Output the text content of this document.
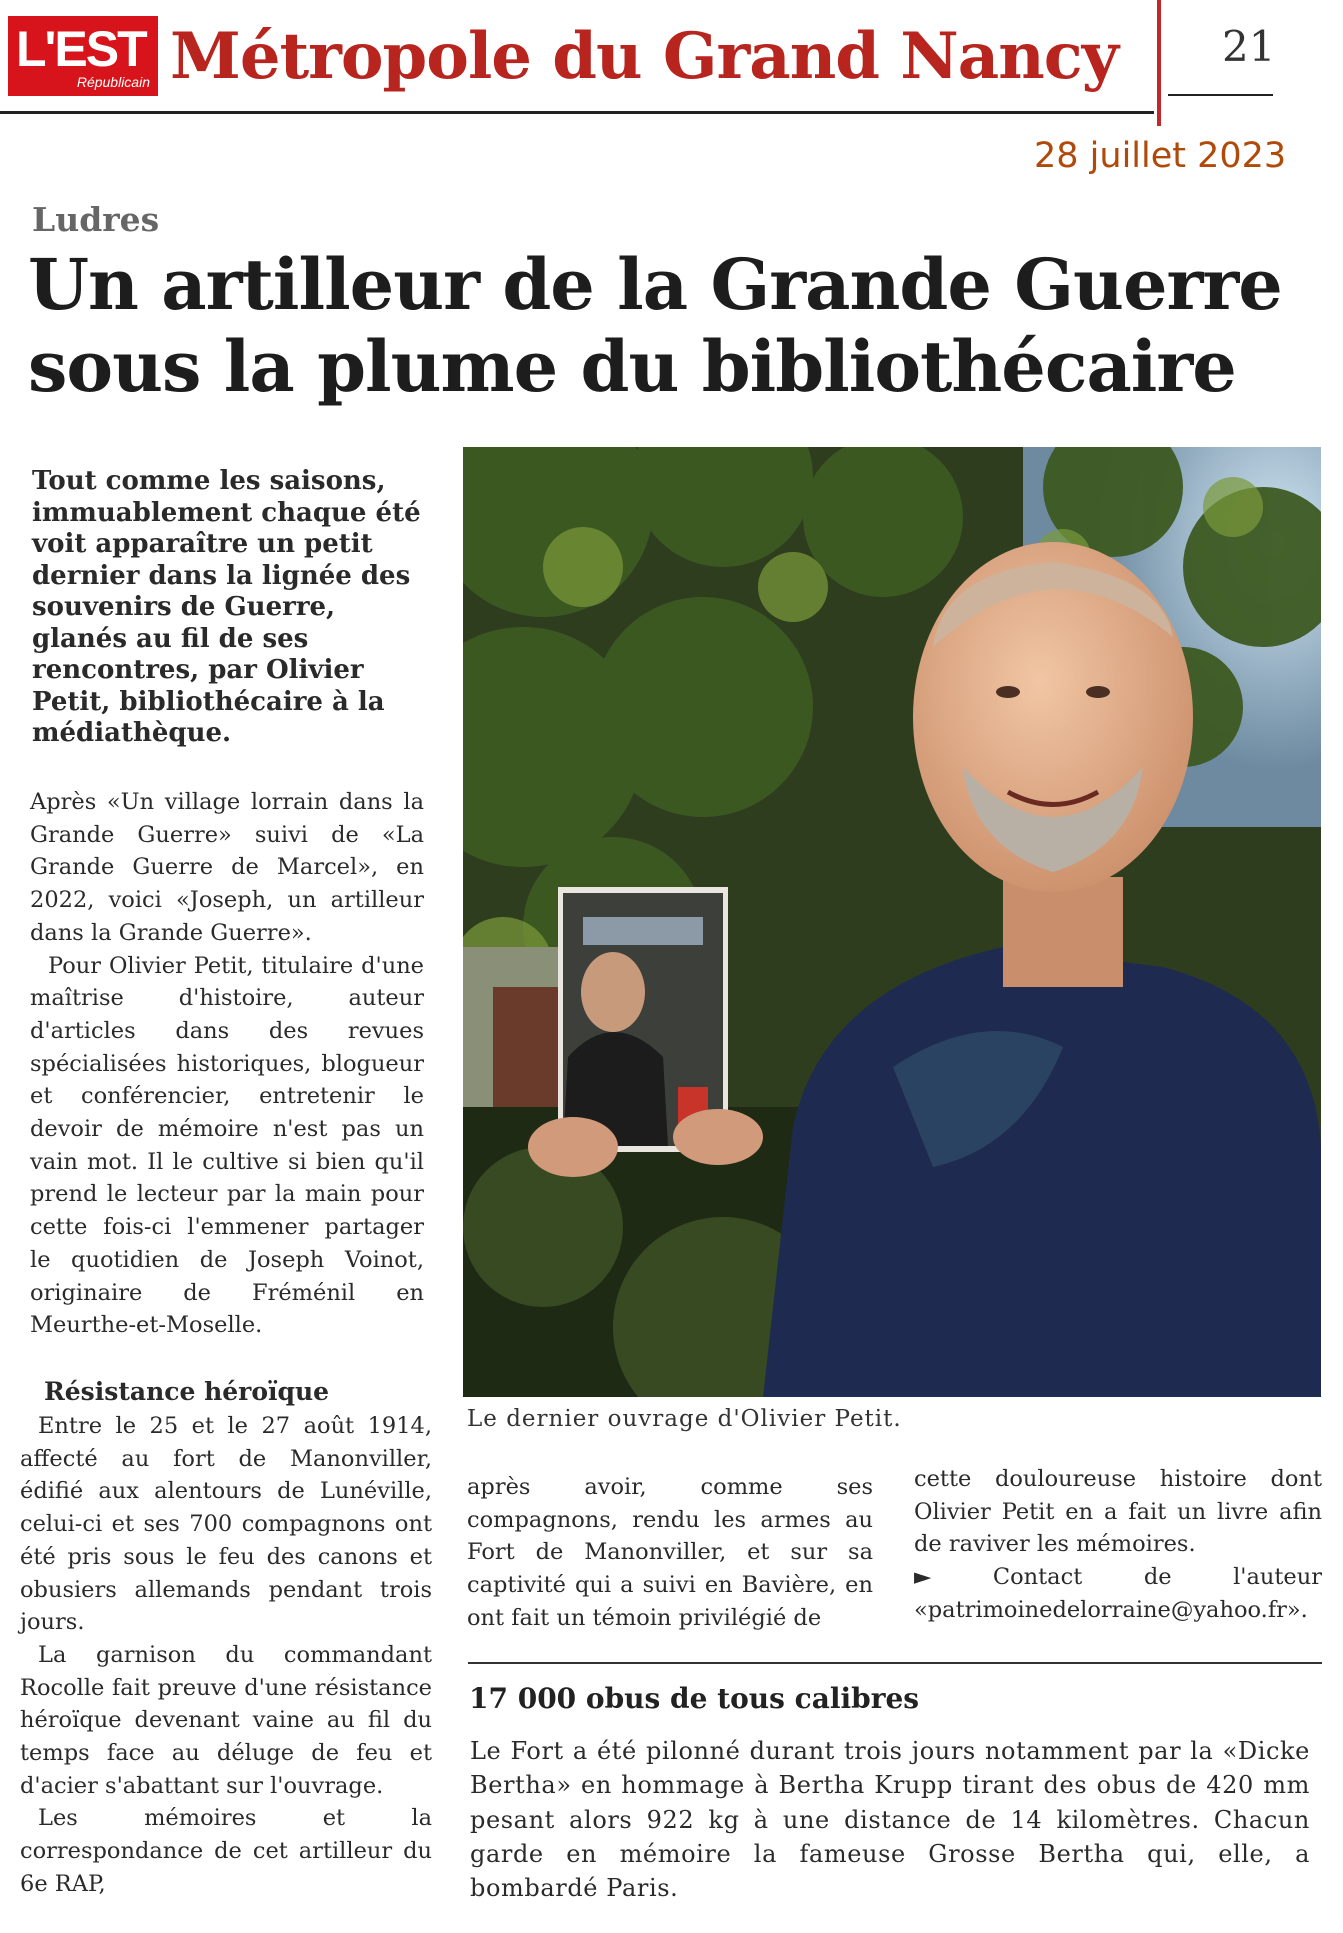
L'EST
Républicain Métropole du Grand Nancy 21
28 juillet 2023
Ludres
Un artilleur de la Grande Guerre
sous la plume du bibliothécaire
Tout comme les saisons, immuablement chaque été voit apparaître un petit dernier dans la lignée des souvenirs de Guerre, glanés au fil de ses rencontres, par Olivier Petit, bibliothécaire à la médiathèque.

Après «Un village lorrain dans la Grande Guerre» suivi de «La Grande Guerre de Marcel», en 2022, voici «Joseph, un artilleur dans la Grande Guerre».

Pour Olivier Petit, titulaire d'une maîtrise d'histoire, auteur d'articles dans des revues spécialisées historiques, blogueur et conférencier, entretenir le devoir de mémoire n'est pas un vain mot. Il le cultive si bien qu'il prend le lecteur par la main pour cette fois-ci l'emmener partager le quotidien de Joseph Voinot, originaire de Fréménil en Meurthe-et-Moselle.

Résistance héroïque

Entre le 25 et le 27 août 1914, affecté au fort de Manonviller, édifié aux alentours de Lunéville, celui-ci et ses 700 compagnons ont été pris sous le feu des canons et obusiers allemands pendant trois jours.

La garnison du commandant Rocolle fait preuve d'une résistance héroïque devenant vaine au fil du temps face au déluge de feu et d'acier s'abattant sur l'ouvrage.

Les mémoires et la correspondance de cet artilleur du 6e RAP,

Le dernier ouvrage d'Olivier Petit.

après avoir, comme ses compagnons, rendu les armes au Fort de Manonviller, et sur sa captivité qui a suivi en Bavière, en ont fait un témoin privilégié de

cette douloureuse histoire dont Olivier Petit en a fait un livre afin de raviver les mémoires.

►	Contact de l'auteur «patrimoinedelorraine@yahoo.fr».

17 000 obus de tous calibres
Le Fort a été pilonné durant trois jours notamment par la «Dicke Bertha» en hommage à Bertha Krupp tirant des obus de 420 mm pesant alors 922 kg à une distance de 14 kilomètres. Chacun garde en mémoire la fameuse Grosse Bertha qui, elle, a bombardé Paris.
